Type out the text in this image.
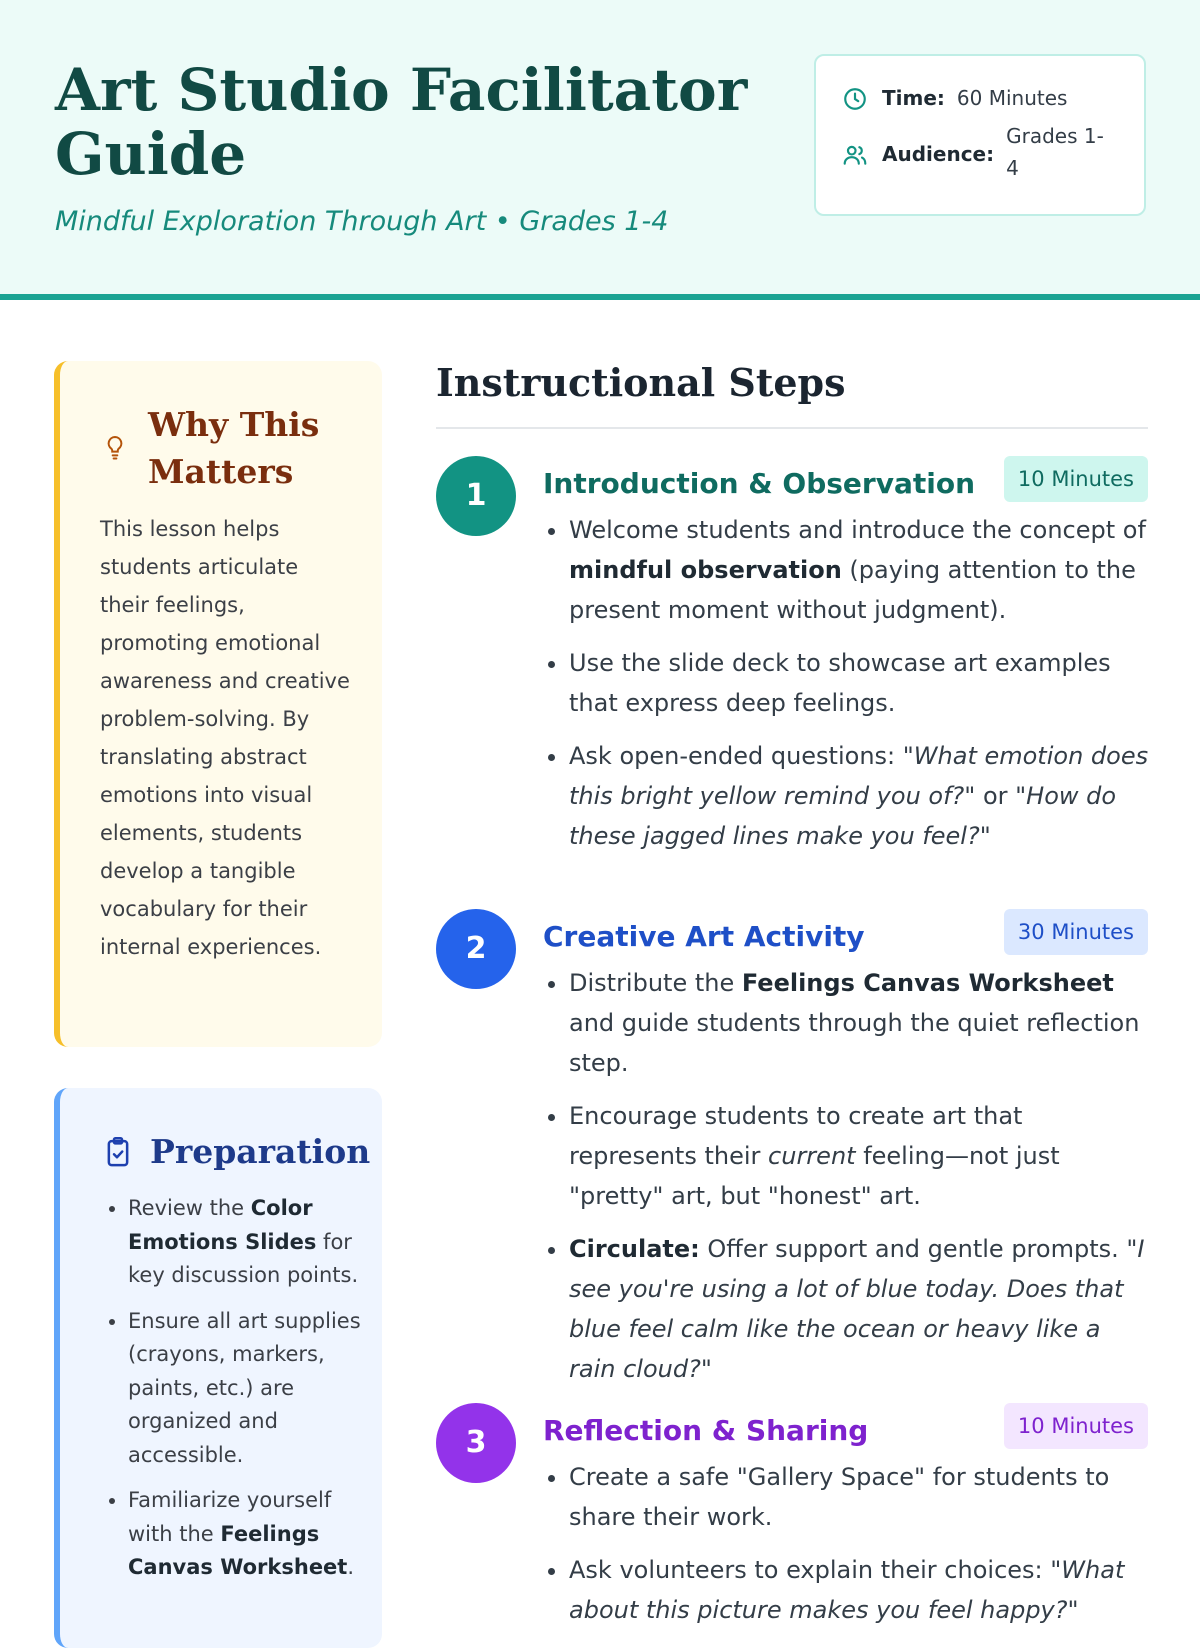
Art Studio Facilitator Guide
Mindful Exploration Through Art • Grades 1-4
Time: 60 Minutes
Audience:
Grades 1-4
Why This Matters

This lesson helps students articulate their feelings, promoting emotional awareness and creative problem-solving. By translating abstract emotions into visual elements, students develop a tangible vocabulary for their internal experiences.

Preparation
• Review the Color Emotions Slides for key discussion points.
• Ensure all art supplies (crayons, markers, paints, etc.) are organized and accessible.
• Familiarize yourself with the Feelings Canvas Worksheet.
Instructional Steps
1	Introduction & Observation	10 Minutes
• Welcome students and introduce the concept of mindful observation (paying attention to the present moment without judgment).
• Use the slide deck to showcase art examples that express deep feelings.
• Ask open-ended questions: "What emotion does this bright yellow remind you of?" or "How do these jagged lines make you feel?"
2	Creative Art Activity	30 Minutes
• Distribute the Feelings Canvas Worksheet and guide students through the quiet reflection step.
• Encourage students to create art that represents their current feeling—not just "pretty" art, but "honest" art.
• Circulate: Offer support and gentle prompts. "I see you're using a lot of blue today. Does that blue feel calm like the ocean or heavy like a rain cloud?"
3	Reflection & Sharing	10 Minutes
• Create a safe "Gallery Space" for students to share their work.
• Ask volunteers to explain their choices: "What about this picture makes you feel happy?"
